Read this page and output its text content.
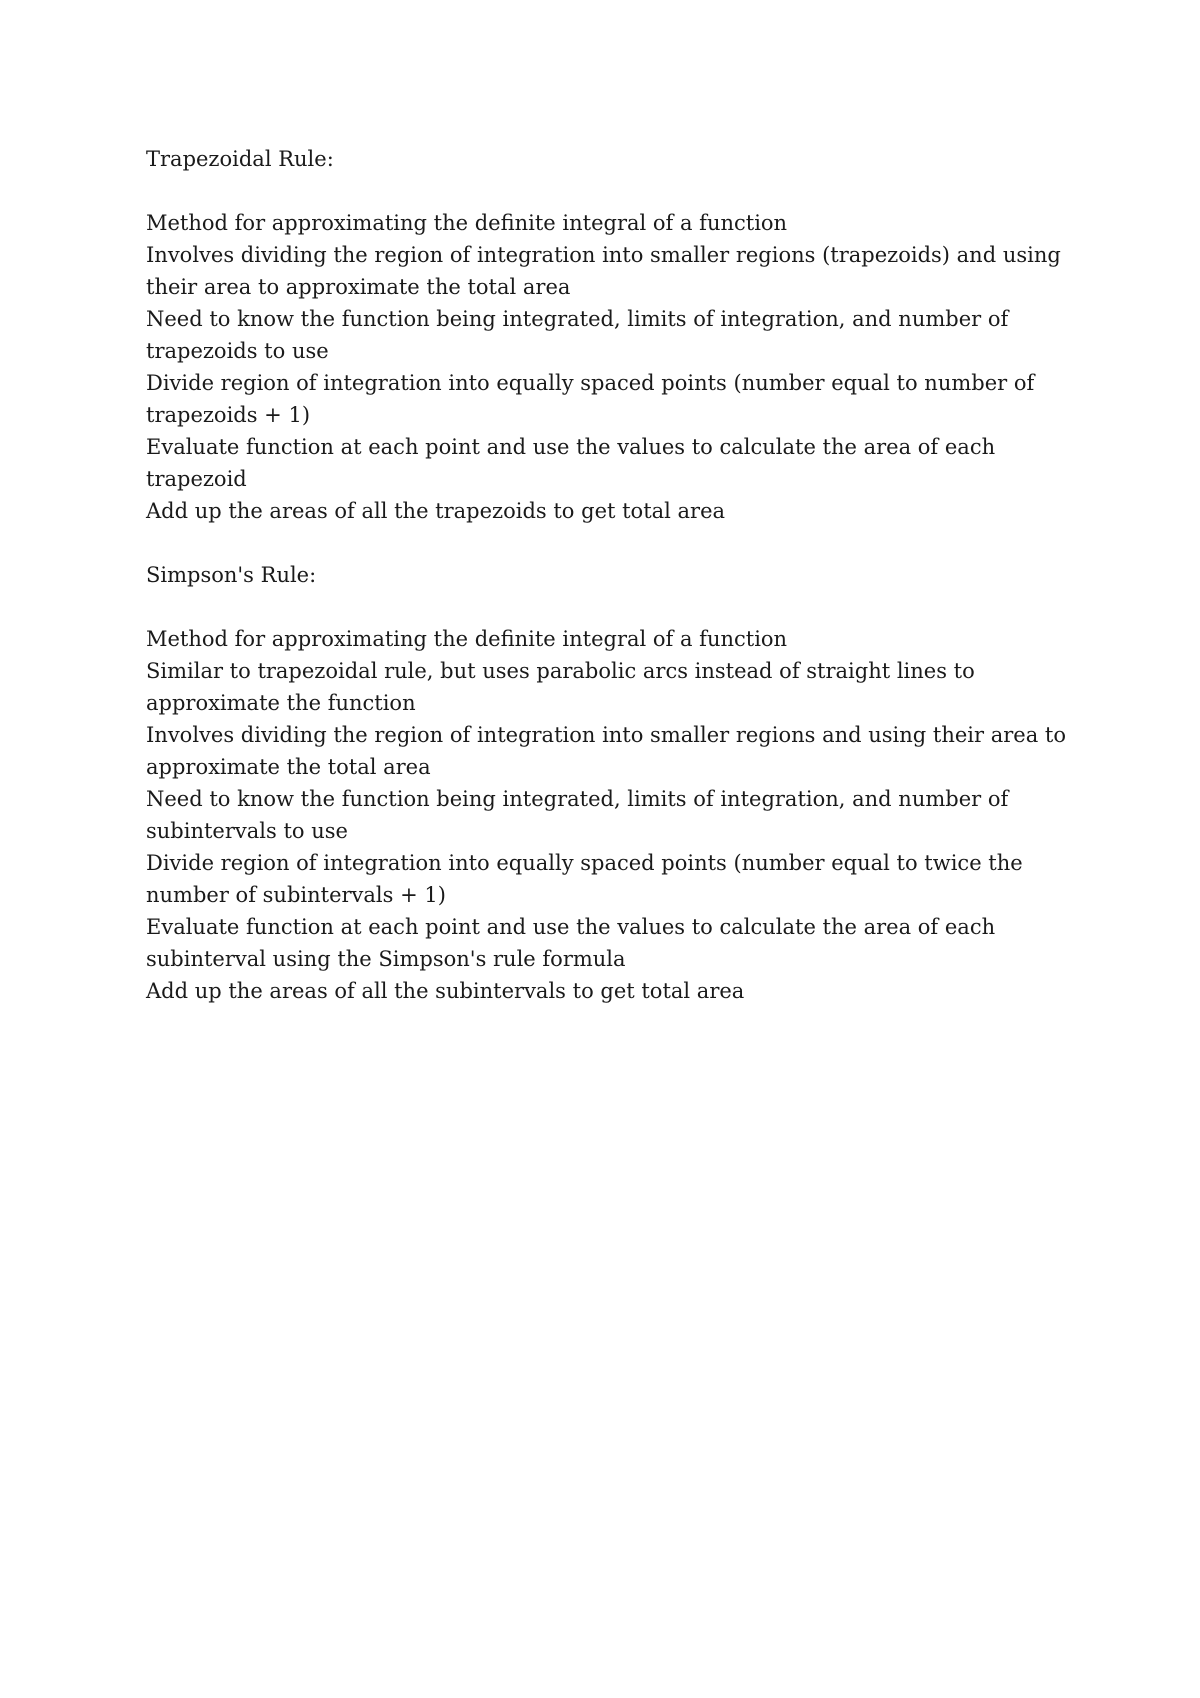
Trapezoidal Rule:

Method for approximating the definite integral of a function
Involves dividing the region of integration into smaller regions (trapezoids) and using their area to approximate the total area
Need to know the function being integrated, limits of integration, and number of trapezoids to use
Divide region of integration into equally spaced points (number equal to number of trapezoids + 1)
Evaluate function at each point and use the values to calculate the area of each trapezoid
Add up the areas of all the trapezoids to get total area

Simpson's Rule:

Method for approximating the definite integral of a function
Similar to trapezoidal rule, but uses parabolic arcs instead of straight lines to approximate the function
Involves dividing the region of integration into smaller regions and using their area to approximate the total area
Need to know the function being integrated, limits of integration, and number of subintervals to use
Divide region of integration into equally spaced points (number equal to twice the number of subintervals + 1)
Evaluate function at each point and use the values to calculate the area of each subinterval using the Simpson's rule formula
Add up the areas of all the subintervals to get total area
